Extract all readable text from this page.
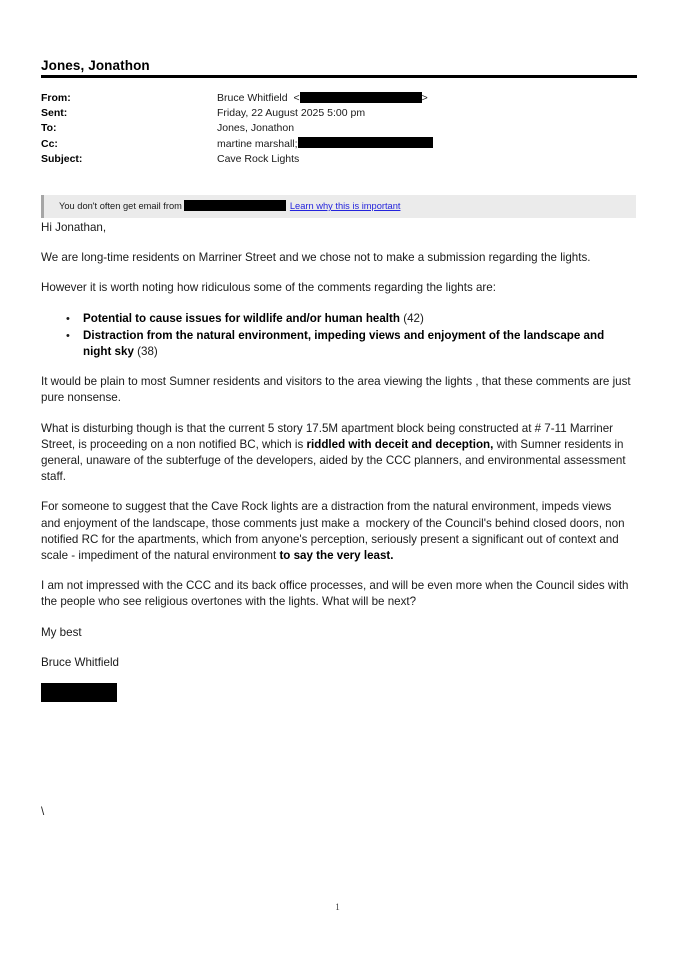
Jones, Jonathon
From:	Bruce Whitfield  <	>
Sent:	Friday, 22 August 2025 5:00 pm
To:	Jones, Jonathon
Cc:	martine marshall;
Subject:	Cave Rock Lights
You don't often get email from	Learn why this is important

Hi Jonathan,

We are long-time residents on Marriner Street and we chose not to make a submission regarding the lights.

However it is worth noting how ridiculous some of the comments regarding the lights are:

• Potential to cause issues for wildlife and/or human health (42)
• Distraction from the natural environment, impeding views and enjoyment of the landscape and night sky (38)

It would be plain to most Sumner residents and visitors to the area viewing the lights , that these comments are just pure nonsense.

What is disturbing though is that the current 5 story 17.5M apartment block being constructed at # 7-11 Marriner Street, is proceeding on a non notified BC, which is riddled with deceit and deception, with Sumner residents in general, unaware of the subterfuge of the developers, aided by the CCC planners, and environmental assessment staff.

For someone to suggest that the Cave Rock lights are a distraction from the natural environment, impeds views and enjoyment of the landscape, those comments just make a  mockery of the Council's behind closed doors, non notified RC for the apartments, which from anyone's perception, seriously present a significant out of context and scale - impediment of the natural environment to say the very least.

I am not impressed with the CCC and its back office processes, and will be even more when the Council sides with the people who see religious overtones with the lights. What will be next?

My best

Bruce Whitfield

\
1
